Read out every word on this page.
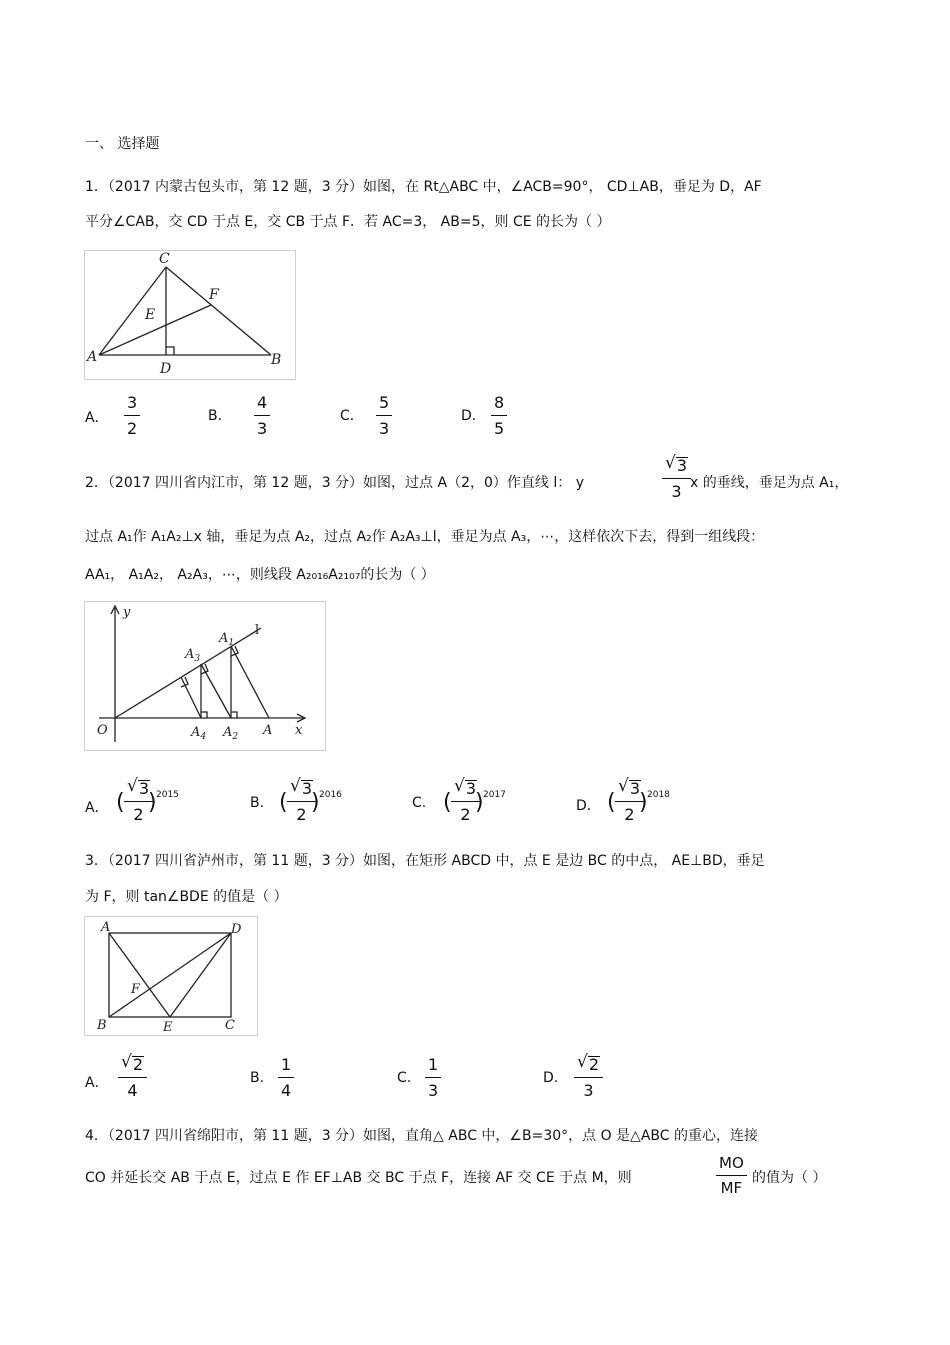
一、 选择题
1．（2017 内蒙古包头市，第 12 题，3 分）如图，在 Rt△ABC 中，∠ACB=90°， CD⊥AB，垂足为 D，AF
平分∠CAB，交 CD 于点 E，交 CB 于点 F．若 AC=3， AB=5，则 CE 的长为（ ）
C
F
E
A	B
D
A． $\frac{3}{2}$	B． $\frac{4}{3}$	C． $\frac{5}{3}$	D． $\frac{8}{5}$
2．（2017 四川省内江市，第 12 题，3 分）如图，过点 A（2，0）作直线 l： y	$\frac{√ 3}{3}$
x 的垂线，垂足为点 A₁，
过点 A₁作 A₁A₂⊥x 轴，垂足为点 A₂，过点 A₂作 A₂A₃⊥l，垂足为点 A₃，⋯，这样依次下去，得到一组线段：
AA₁， A₁A₂， A₂A₃，⋯，则线段 A₂₀₁₆A₂₁₀₇的长为（ ）
y
x
O
l
A
$A_1$
$A_3$
$A_2$
$A_4$
A． ( $\frac{√ 3}{2}$
) 2015	B. ( $\frac{√ 3}{2}$
) 2016	C. ( $\frac{√ 3}{2}$
) 2017
D． ( $\frac{√ 3}{2}$
) 2018
3．（2017 四川省泸州市，第 11 题，3 分）如图，在矩形 ABCD 中，点 E 是边 BC 的中点， AE⊥BD，垂足
为 F，则 tan∠BDE 的值是（ ）
A	D
F
B	E	C
A． $\frac{√ 2}{4}$	B. $\frac{1}{4}$	C. $\frac{1}{3}$	D. $\frac{√ 2}{3}$
4．（2017 四川省绵阳市，第 11 题，3 分）如图，直角△ ABC 中，∠B=30°，点 O 是△ABC 的重心，连接
CO 并延长交 AB 于点 E，过点 E 作 EF⊥AB 交 BC 于点 F，连接 AF 交 CE 于点 M，则	$\frac{MO}{MF}$ 的值为（ ）
